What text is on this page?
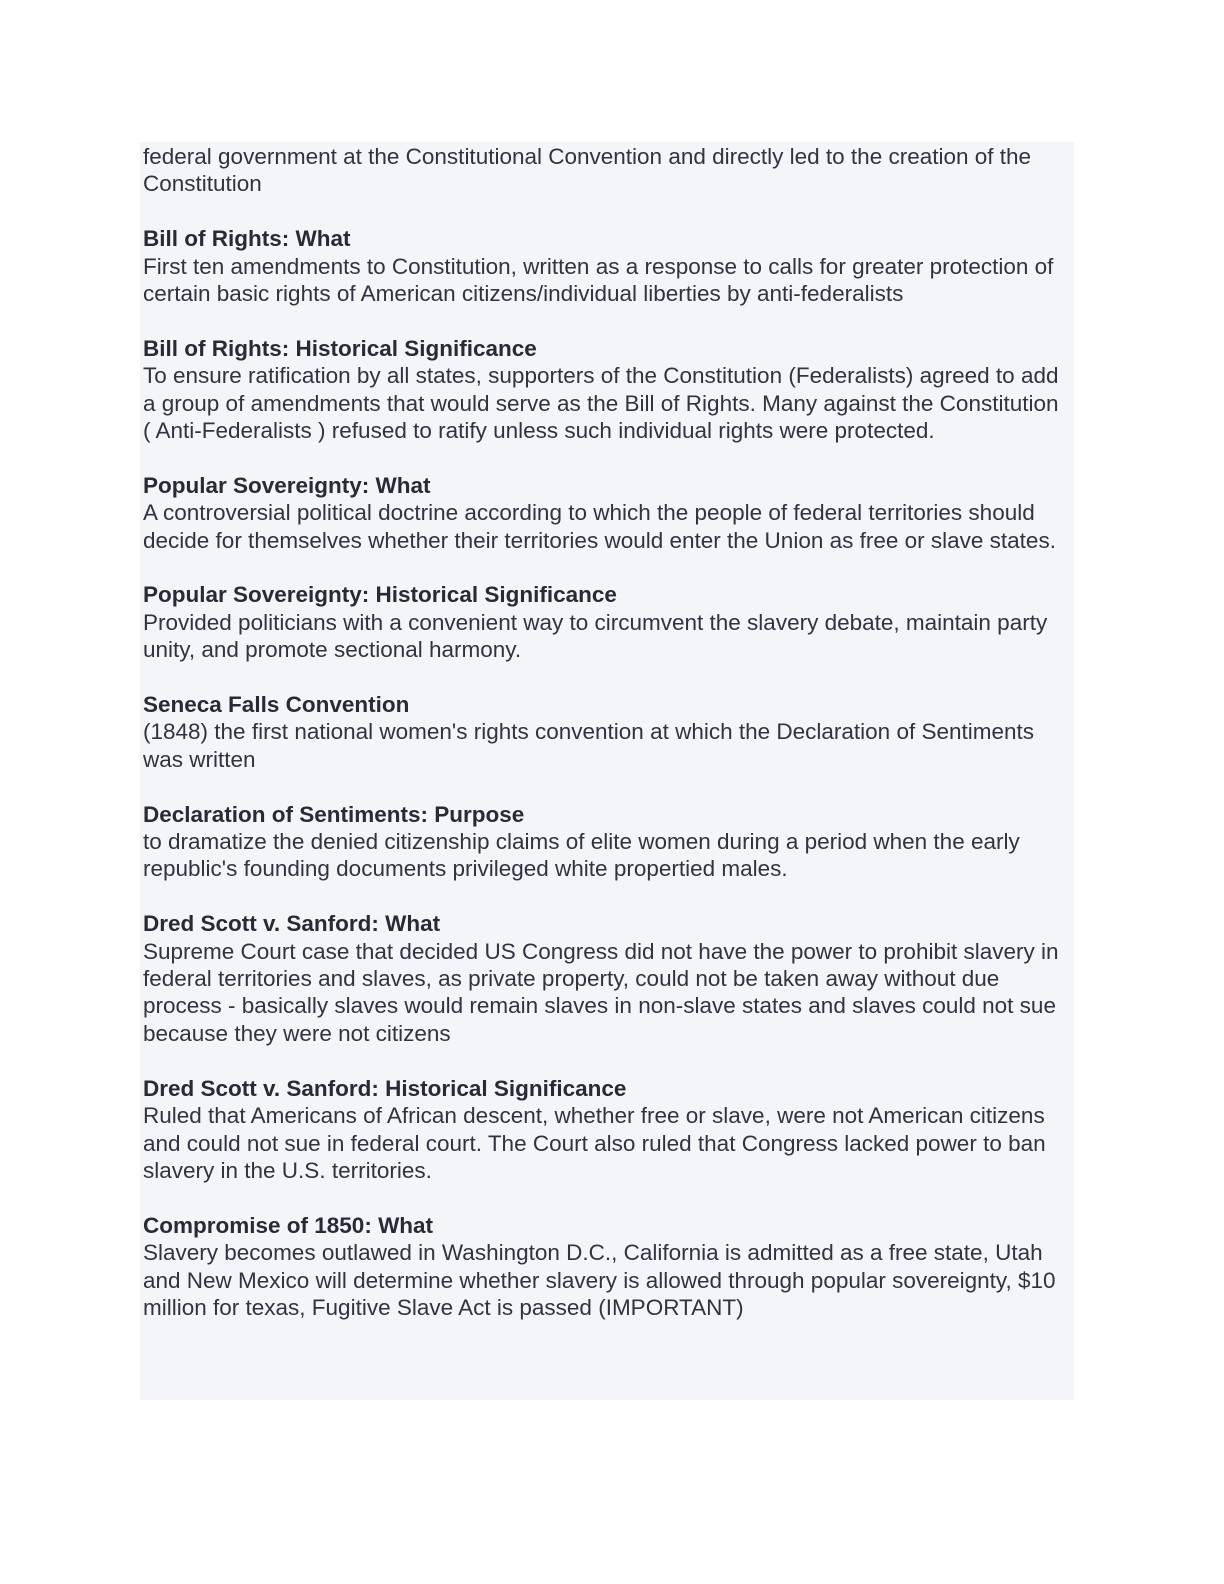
federal government at the Constitutional Convention and directly led to the creation of the Constitution

Bill of Rights: What

First ten amendments to Constitution, written as a response to calls for greater protection of certain basic rights of American citizens/individual liberties by anti-federalists

Bill of Rights: Historical Significance

To ensure ratification by all states, supporters of the Constitution (Federalists) agreed to add a group of amendments that would serve as the Bill of Rights. Many against the Constitution ( Anti-Federalists ) refused to ratify unless such individual rights were protected.

Popular Sovereignty: What

A controversial political doctrine according to which the people of federal territories should decide for themselves whether their territories would enter the Union as free or slave states.

Popular Sovereignty: Historical Significance

Provided politicians with a convenient way to circumvent the slavery debate, maintain party unity, and promote sectional harmony.

Seneca Falls Convention

(1848) the first national women's rights convention at which the Declaration of Sentiments was written

Declaration of Sentiments: Purpose

to dramatize the denied citizenship claims of elite women during a period when the early republic's founding documents privileged white propertied males.

Dred Scott v. Sanford: What

Supreme Court case that decided US Congress did not have the power to prohibit slavery in federal territories and slaves, as private property, could not be taken away without due process - basically slaves would remain slaves in non-slave states and slaves could not sue because they were not citizens

Dred Scott v. Sanford: Historical Significance

Ruled that Americans of African descent, whether free or slave, were not American citizens and could not sue in federal court. The Court also ruled that Congress lacked power to ban slavery in the U.S. territories.

Compromise of 1850: What

Slavery becomes outlawed in Washington D.C., California is admitted as a free state, Utah and New Mexico will determine whether slavery is allowed through popular sovereignty, $10 million for texas, Fugitive Slave Act is passed (IMPORTANT)
